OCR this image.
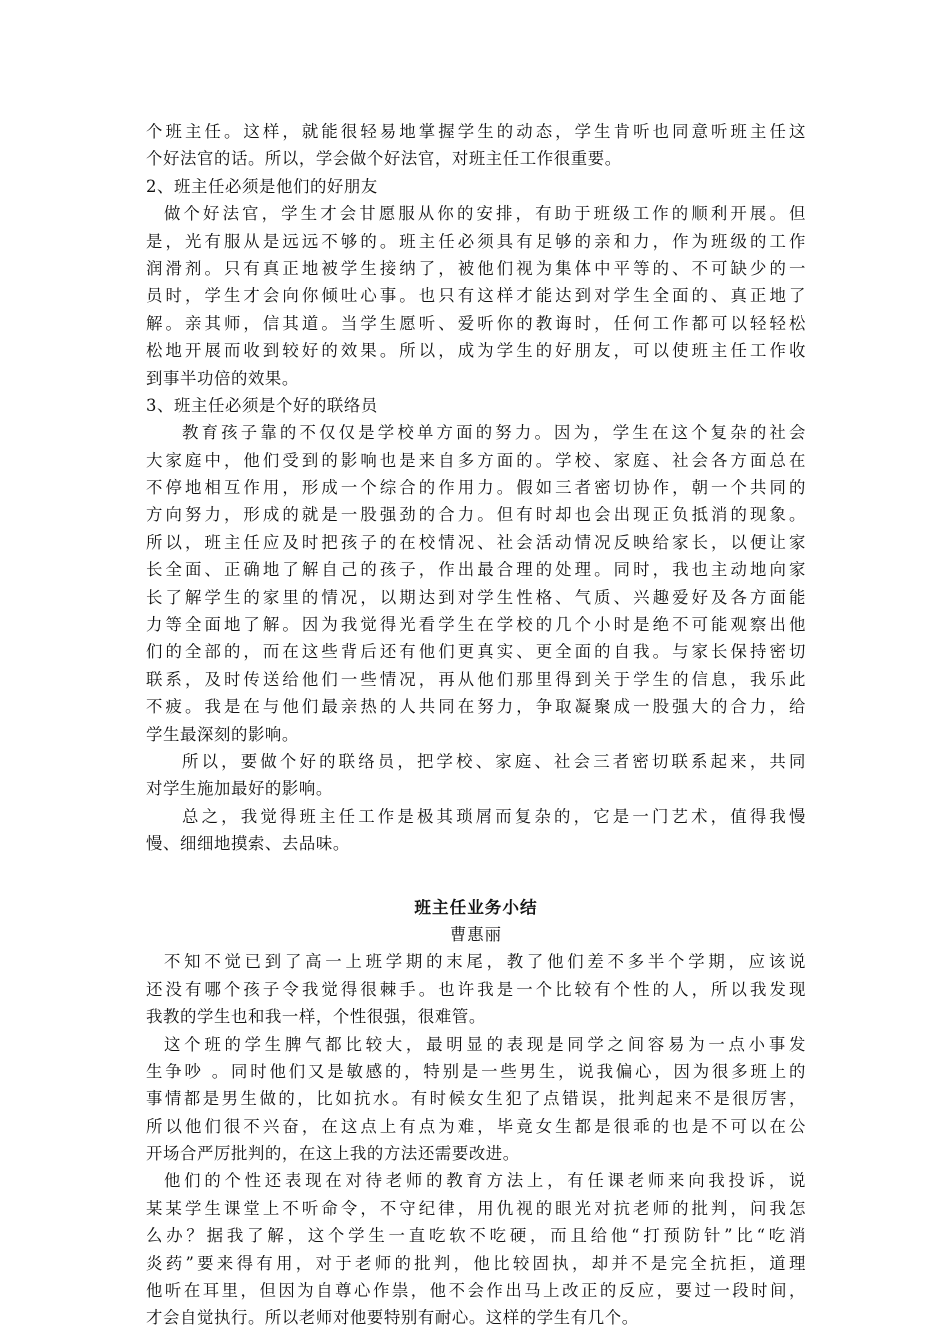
个班主任。这样，就能很轻易地掌握学生的动态，学生肯听也同意听班主任这
个好法官的话。所以，学会做个好法官，对班主任工作很重要。
2、班主任必须是他们的好朋友
做个好法官，学生才会甘愿服从你的安排，有助于班级工作的顺利开展。但
是，光有服从是远远不够的。班主任必须具有足够的亲和力，作为班级的工作
润滑剂。只有真正地被学生接纳了，被他们视为集体中平等的、不可缺少的一
员时，学生才会向你倾吐心事。也只有这样才能达到对学生全面的、真正地了
解。亲其师，信其道。当学生愿听、爱听你的教诲时，任何工作都可以轻轻松
松地开展而收到较好的效果。所以，成为学生的好朋友，可以使班主任工作收
到事半功倍的效果。
3、班主任必须是个好的联络员
教育孩子靠的不仅仅是学校单方面的努力。因为，学生在这个复杂的社会
大家庭中，他们受到的影响也是来自多方面的。学校、家庭、社会各方面总在
不停地相互作用，形成一个综合的作用力。假如三者密切协作，朝一个共同的
方向努力，形成的就是一股强劲的合力。但有时却也会出现正负抵消的现象。
所以，班主任应及时把孩子的在校情况、社会活动情况反映给家长，以便让家
长全面、正确地了解自己的孩子，作出最合理的处理。同时，我也主动地向家
长了解学生的家里的情况，以期达到对学生性格、气质、兴趣爱好及各方面能
力等全面地了解。因为我觉得光看学生在学校的几个小时是绝不可能观察出他
们的全部的，而在这些背后还有他们更真实、更全面的自我。与家长保持密切
联系，及时传送给他们一些情况，再从他们那里得到关于学生的信息，我乐此
不疲。我是在与他们最亲热的人共同在努力，争取凝聚成一股强大的合力，给
学生最深刻的影响。
所以，要做个好的联络员，把学校、家庭、社会三者密切联系起来，共同
对学生施加最好的影响。
总之，我觉得班主任工作是极其琐屑而复杂的，它是一门艺术，值得我慢
慢、细细地摸索、去品味。
班主任业务小结
曹惠丽
不知不觉已到了高一上班学期的末尾，教了他们差不多半个学期，应该说
还没有哪个孩子令我觉得很棘手。也许我是一个比较有个性的人，所以我发现
我教的学生也和我一样，个性很强，很难管。
这个班的学生脾气都比较大，最明显的表现是同学之间容易为一点小事发
生争吵 。同时他们又是敏感的，特别是一些男生，说我偏心，因为很多班上的
事情都是男生做的，比如抗水。有时候女生犯了点错误，批判起来不是很厉害，
所以他们很不兴奋，在这点上有点为难，毕竟女生都是很乖的也是不可以在公
开场合严厉批判的，在这上我的方法还需要改进。
他们的个性还表现在对待老师的教育方法上，有任课老师来向我投诉，说
某某学生课堂上不听命令，不守纪律，用仇视的眼光对抗老师的批判，问我怎
么办？据我了解，这个学生一直吃软不吃硬，而且给他“打预防针”比“吃消
炎药”要来得有用，对于老师的批判，他比较固执，却并不是完全抗拒，道理
他听在耳里，但因为自尊心作祟，他不会作出马上改正的反应，要过一段时间，
才会自觉执行。所以老师对他要特别有耐心。这样的学生有几个。
